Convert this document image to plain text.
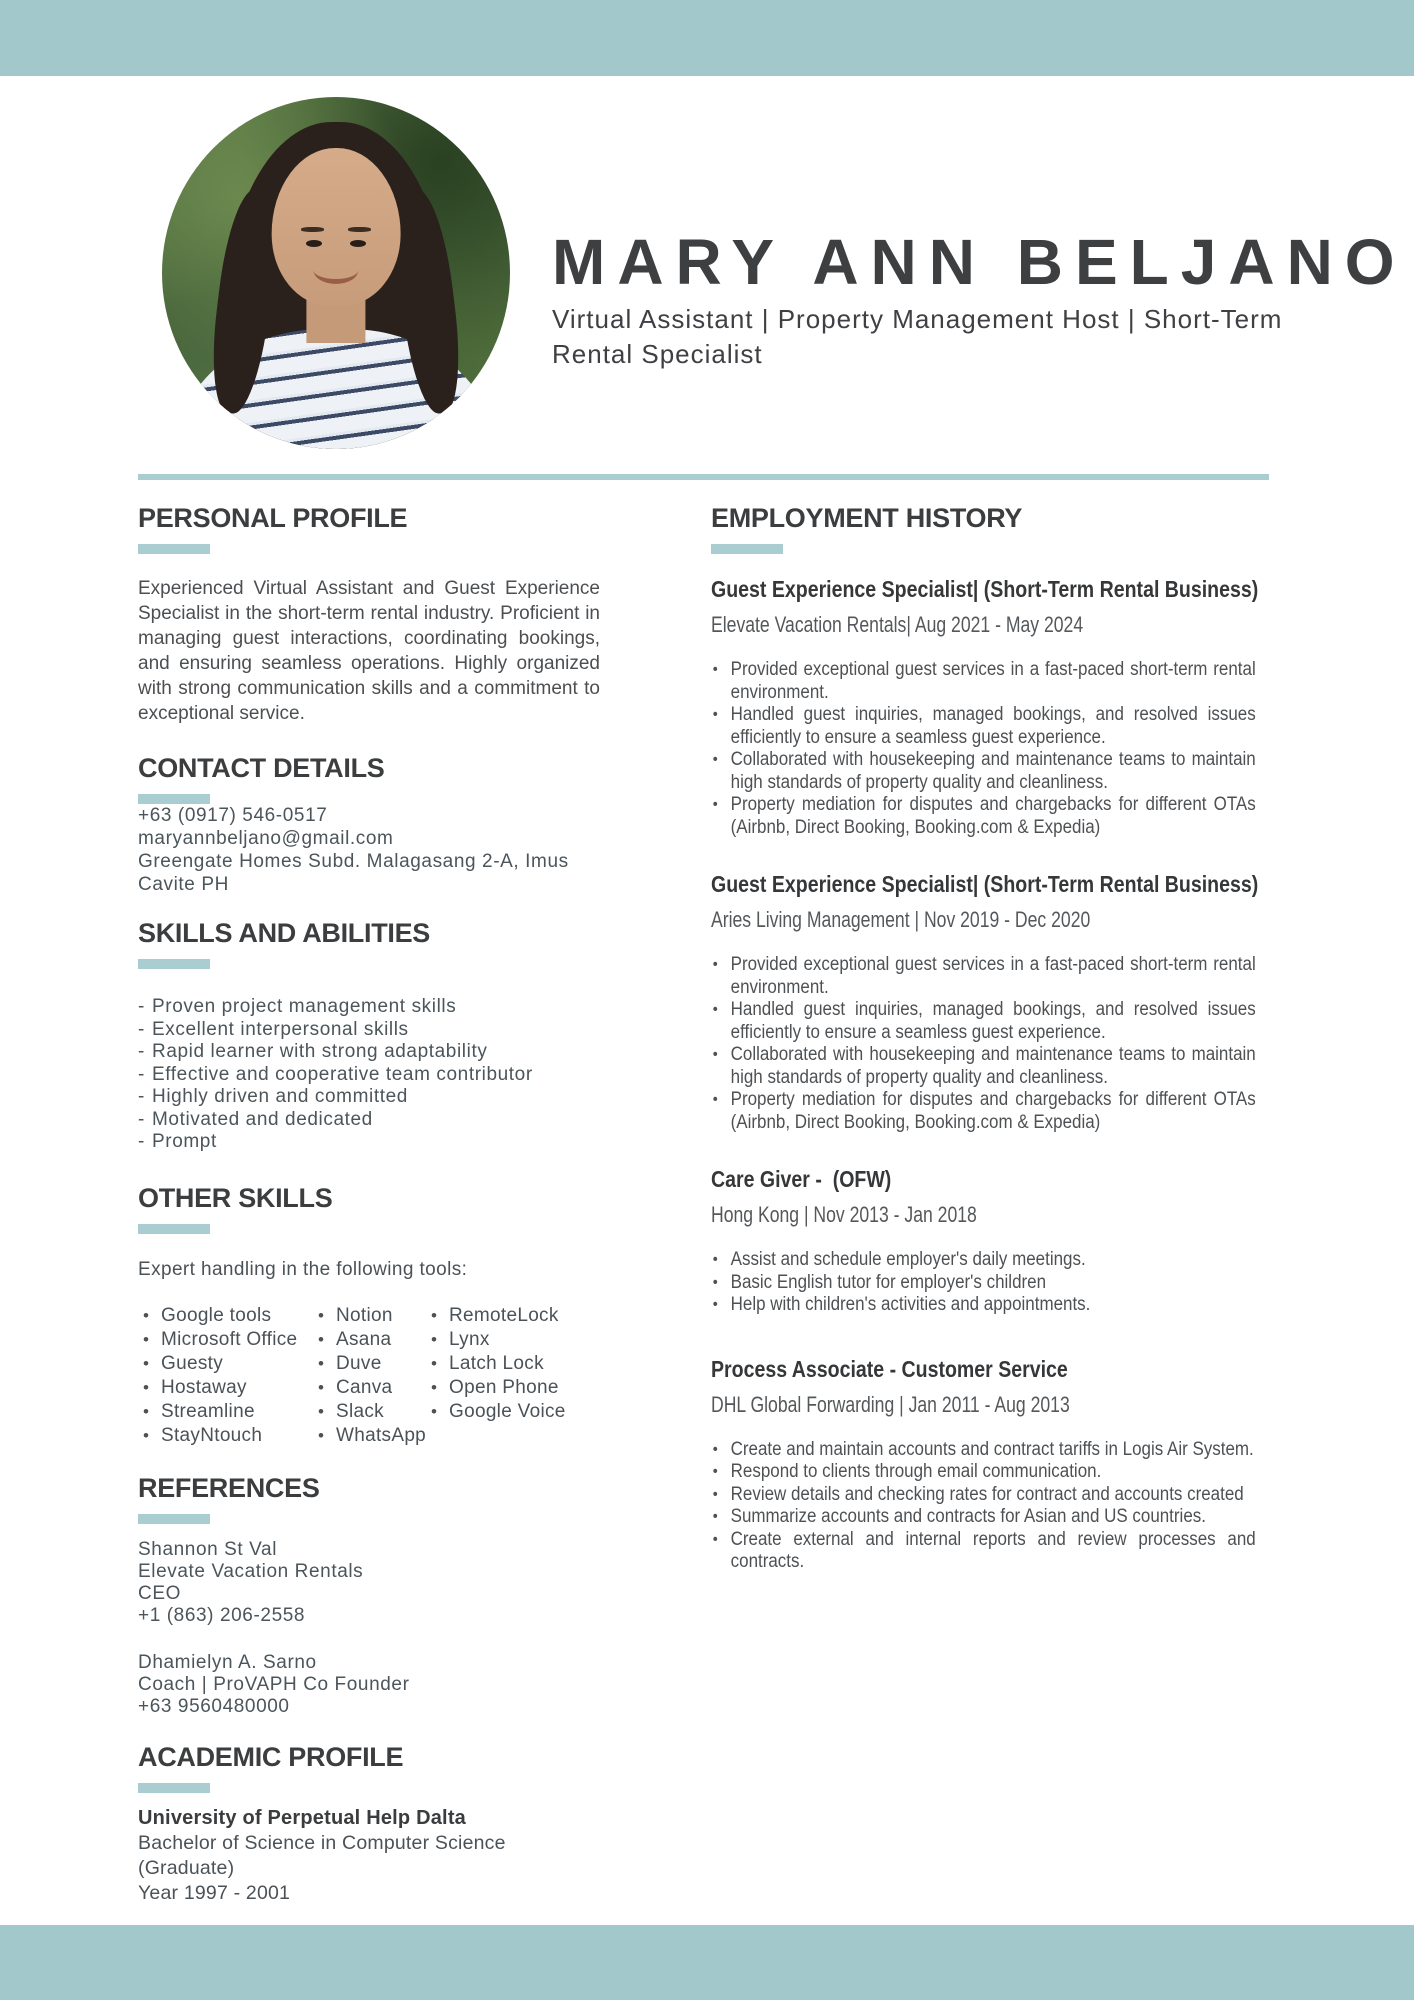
MARY ANN BELJANO

Virtual Assistant | Property Management Host | Short-Term Rental Specialist

PERSONAL PROFILE

Experienced Virtual Assistant and Guest Experience Specialist in the short-term rental industry. Proficient in managing guest interactions, coordinating bookings, and ensuring seamless operations. Highly organized with strong communication skills and a commitment to exceptional service.

CONTACT DETAILS
+63 (0917) 546-0517
maryannbeljano@gmail.com
Greengate Homes Subd. Malagasang 2-A, Imus Cavite PH
SKILLS AND ABILITIES
- Proven project management skills
- Excellent interpersonal skills
- Rapid learner with strong adaptability
- Effective and cooperative team contributor
- Highly driven and committed
- Motivated and dedicated
- Prompt
OTHER SKILLS

Expert handling in the following tools:

• Google tools
• Microsoft Office
• Guesty
• Hostaway
• Streamline
• StayNtouch
• Notion
• Asana
• Duve
• Canva
• Slack
• WhatsApp
• RemoteLock
• Lynx
• Latch Lock
• Open Phone
• Google Voice
REFERENCES
Shannon St Val
Elevate Vacation Rentals
CEO
+1 (863) 206-2558
Dhamielyn A. Sarno
Coach | ProVAPH Co Founder
+63 9560480000
ACADEMIC PROFILE

University of Perpetual Help Dalta

Bachelor of Science in Computer Science (Graduate)

Year 1997 - 2001

EMPLOYMENT HISTORY
Guest Experience Specialist| (Short-Term Rental Business)

Elevate Vacation Rentals| Aug 2021 - May 2024

• Provided exceptional guest services in a fast-paced short-term rental environment.
• Handled guest inquiries, managed bookings, and resolved issues efficiently to ensure a seamless guest experience.
• Collaborated with housekeeping and maintenance teams to maintain high standards of property quality and cleanliness.
• Property mediation for disputes and chargebacks for different OTAs (Airbnb, Direct Booking, Booking.com & Expedia)
Guest Experience Specialist| (Short-Term Rental Business)

Aries Living Management | Nov 2019 - Dec 2020

• Provided exceptional guest services in a fast-paced short-term rental environment.
• Handled guest inquiries, managed bookings, and resolved issues efficiently to ensure a seamless guest experience.
• Collaborated with housekeeping and maintenance teams to maintain high standards of property quality and cleanliness.
• Property mediation for disputes and chargebacks for different OTAs (Airbnb, Direct Booking, Booking.com & Expedia)
Care Giver -  (OFW)

Hong Kong | Nov 2013 - Jan 2018

• Assist and schedule employer's daily meetings.
• Basic English tutor for employer's children
• Help with children's activities and appointments.
Process Associate - Customer Service

DHL Global Forwarding | Jan 2011 - Aug 2013

• Create and maintain accounts and contract tariffs in Logis Air System.
• Respond to clients through email communication.
• Review details and checking rates for contract and accounts created
• Summarize accounts and contracts for Asian and US countries.
• Create external and internal reports and review processes and contracts.
